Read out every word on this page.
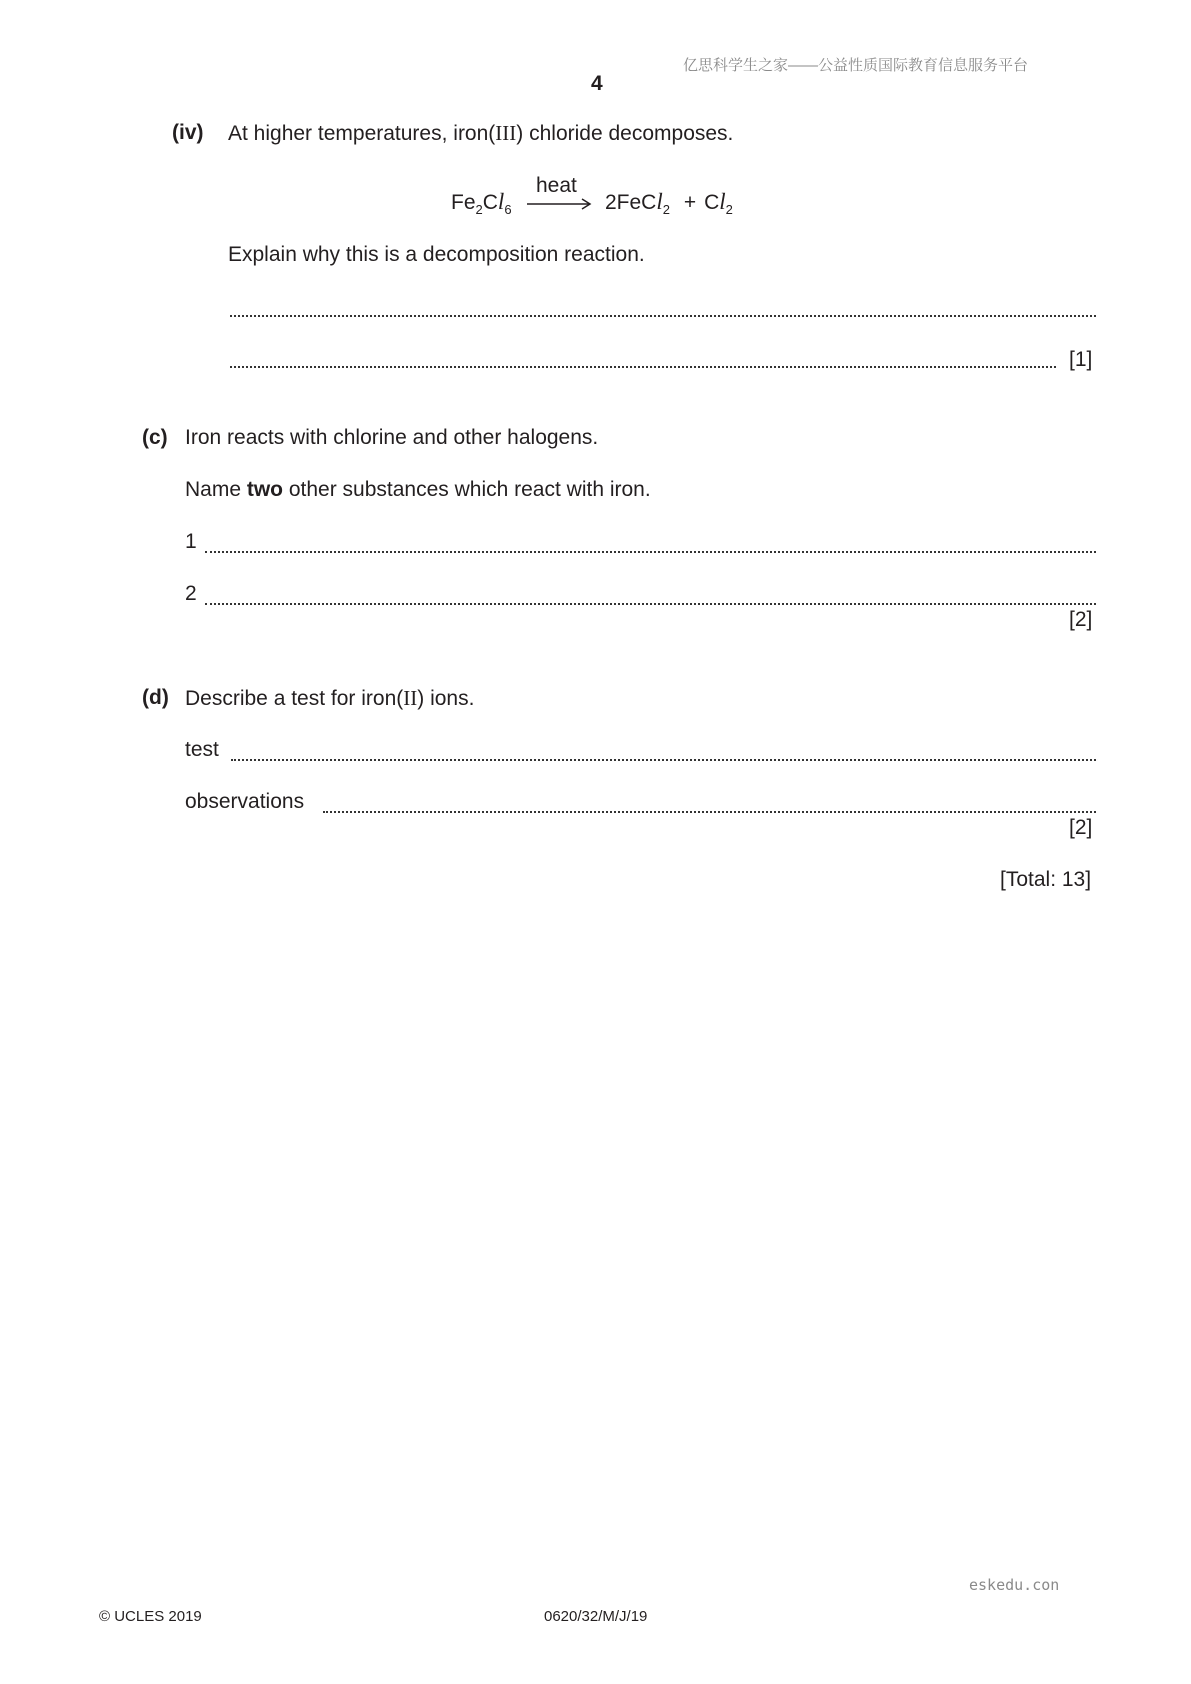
亿思科学生之家——公益性质国际教育信息服务平台
4
(iv) At higher temperatures, iron(III) chloride decomposes.
$Fe_2Cl_6$
heat
2FeCl$_2$ + $Cl_2$
Explain why this is a decomposition reaction.
[1]
(c) Iron reacts with chlorine and other halogens.
Name two other substances which react with iron.
1
2
[2]
(d) Describe a test for iron(II) ions.
test
observations
[2]
[Total: 13]
eskedu.con
© UCLES 2019	0620/32/M/J/19
